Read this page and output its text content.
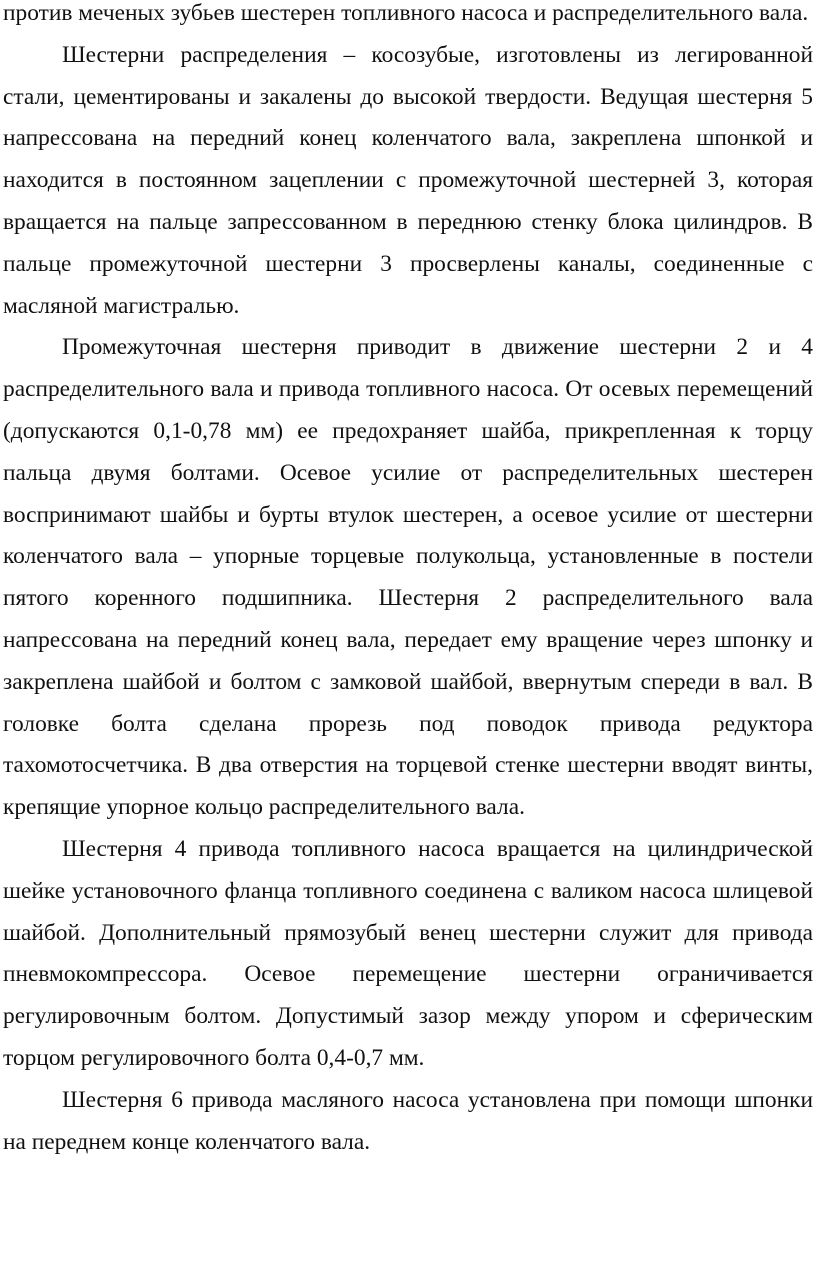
против меченых зубьев шестерен топливного насоса и распределительного вала.

Шестерни распределения – косозубые, изготовлены из легированной стали, цементированы и закалены до высокой твердости. Ведущая шестерня 5 напрессована на передний конец коленчатого вала, закреплена шпонкой и находится в постоянном зацеплении с промежуточной шестерней 3, которая вращается на пальце запрессованном в переднюю стенку блока цилиндров. В пальце промежуточной шестерни 3 просверлены каналы, соединенные с масляной магистралью.

Промежуточная шестерня приводит в движение шестерни 2 и 4 распределительного вала и привода топливного насоса. От осевых перемещений (допускаются 0,1-0,78 мм) ее предохраняет шайба, прикрепленная к торцу пальца двумя болтами. Осевое усилие от распределительных шестерен воспринимают шайбы и бурты втулок шестерен, а осевое усилие от шестерни коленчатого вала – упорные торцевые полукольца, установленные в постели пятого коренного подшипника. Шестерня 2 распределительного вала напрессована на передний конец вала, передает ему вращение через шпонку и закреплена шайбой и болтом с замковой шайбой, ввернутым спереди в вал. В головке болта сделана прорезь под поводок привода редуктора тахомотосчетчика. В два отверстия на торцевой стенке шестерни вводят винты, крепящие упорное кольцо распределительного вала.

Шестерня 4 привода топливного насоса вращается на цилиндрической шейке установочного фланца топливного соединена с валиком насоса шлицевой шайбой. Дополнительный прямозубый венец шестерни служит для привода пневмокомпрессора. Осевое перемещение шестерни ограничивается регулировочным болтом. Допустимый зазор между упором и сферическим торцом регулировочного болта 0,4-0,7 мм.

Шестерня 6 привода масляного насоса установлена при помощи шпонки на переднем конце коленчатого вала.
